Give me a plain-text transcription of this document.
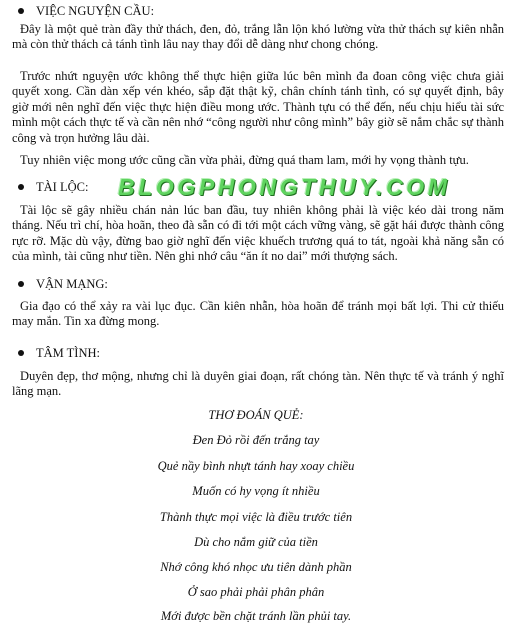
VIỆC NGUYỆN CẦU:

Đây là một quẻ tràn đầy thử thách, đen, đỏ, trắng lẫn lộn khó lường vừa thử thách sự kiên nhẫn mà còn thử thách cả tánh tình lâu nay thay đổi dễ dàng như chong chóng.

Trước nhứt nguyện ước không thể thực hiện giữa lúc bên mình đa đoan công việc chưa giải quyết xong. Cần dàn xếp vén khéo, sắp đặt thật kỹ, chân chính tánh tình, có sự quyết định, bây giờ mới nên nghĩ đến việc thực hiện điều mong ước. Thành tựu có thể đến, nếu chịu hiểu tài sức mình một cách thực tế và cần nên nhớ “công người như công mình” bây giờ sẽ nắm chắc sự thành công và trọn hưởng lâu dài.

Tuy nhiên việc mong ước cũng cần vừa phải, đừng quá tham lam, mới hy vọng thành tựu.

TÀI LỘC: BLOGPHONGTHUY.COM

Tài lộc sẽ gây nhiều chán nản lúc ban đầu, tuy nhiên không phải là việc kéo dài trong năm tháng. Nếu trì chí, hòa hoãn, theo đà sẵn có đi tới một cách vững vàng, sẽ gặt hái được thành công rực rỡ. Mặc dù vậy, đừng bao giờ nghĩ đến việc khuếch trương quá to tát, ngoài khả năng sẵn có của mình, tài cũng như tiền. Nên ghi nhớ câu “ăn ít no dai” mới thượng sách.

VẬN MẠNG:

Gia đạo có thể xảy ra vài lục đục. Cần kiên nhẫn, hòa hoãn để tránh mọi bất lợi. Thi cử thiếu may mắn. Tin xa đừng mong.

TÂM TÌNH:

Duyên đẹp, thơ mộng, nhưng chỉ là duyên giai đoạn, rất chóng tàn. Nên thực tế và tránh ý nghĩ lãng mạn.

THƠ ĐOÁN QUẺ:
Đen Đỏ rồi đến trắng tay
Quẻ nầy bình nhựt tánh hay xoay chiều
Muốn có hy vọng ít nhiều
Thành thực mọi việc là điều trước tiên
Dù cho nắm giữ của tiền
Nhớ công khó nhọc ưu tiên dành phần
Ở sao phải phải phân phân
Mới được bền chặt tránh lần phủi tay.
